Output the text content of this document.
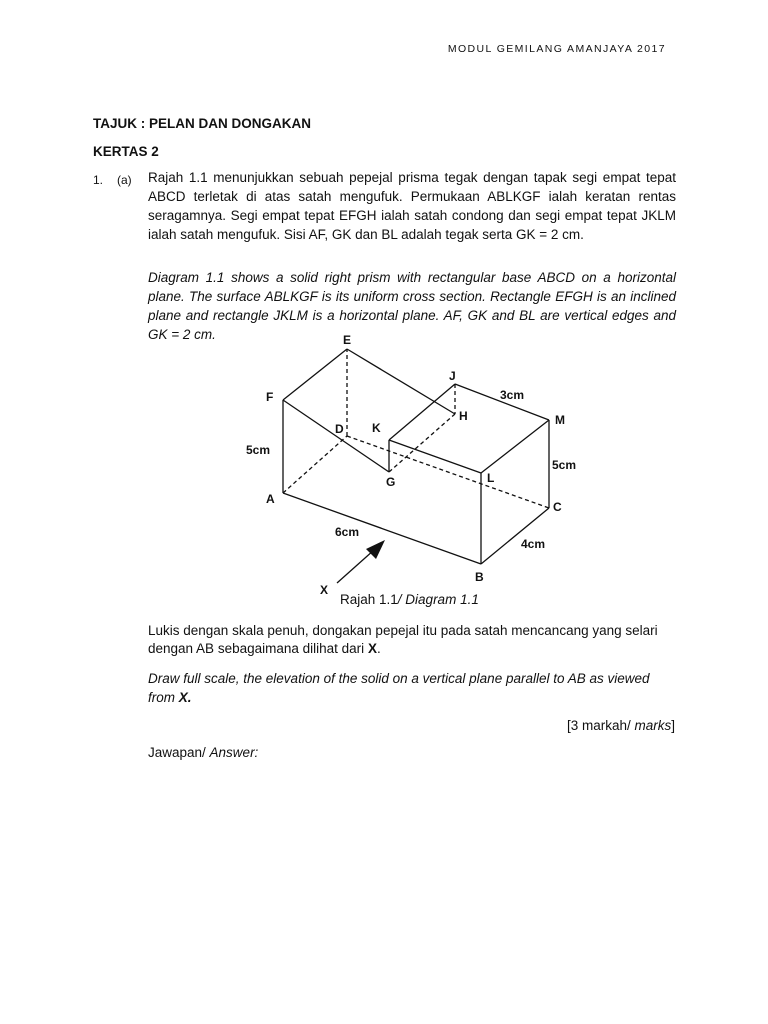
MODUL GEMILANG AMANJAYA 2017
TAJUK : PELAN DAN DONGAKAN
KERTAS 2
1. (a) Rajah 1.1 menunjukkan sebuah pepejal prisma tegak dengan tapak segi empat tepat ABCD terletak di atas satah mengufuk. Permukaan ABLKGF ialah keratan rentas seragamnya. Segi empat tepat EFGH ialah satah condong dan segi empat tepat JKLM ialah satah mengufuk. Sisi AF, GK dan BL adalah tegak serta GK = 2 cm.
Diagram 1.1 shows a solid right prism with rectangular base ABCD on a horizontal plane. The surface ABLKGF is its uniform cross section. Rectangle EFGH is an inclined plane and rectangle JKLM is a horizontal plane. AF, GK and BL are vertical edges and GK = 2 cm.	E
F
D K
J
H	M
G	L
A
C
B
X
5cm
5cm
3cm
6cm
4cm
Rajah 1.1/ Diagram 1.1
Lukis dengan skala penuh, dongakan pepejal itu pada satah mencancang yang selari dengan AB sebagaimana dilihat dari X.
Draw full scale, the elevation of the solid on a vertical plane parallel to AB as viewed from X.
[3 markah/ marks]
Jawapan/ Answer:
